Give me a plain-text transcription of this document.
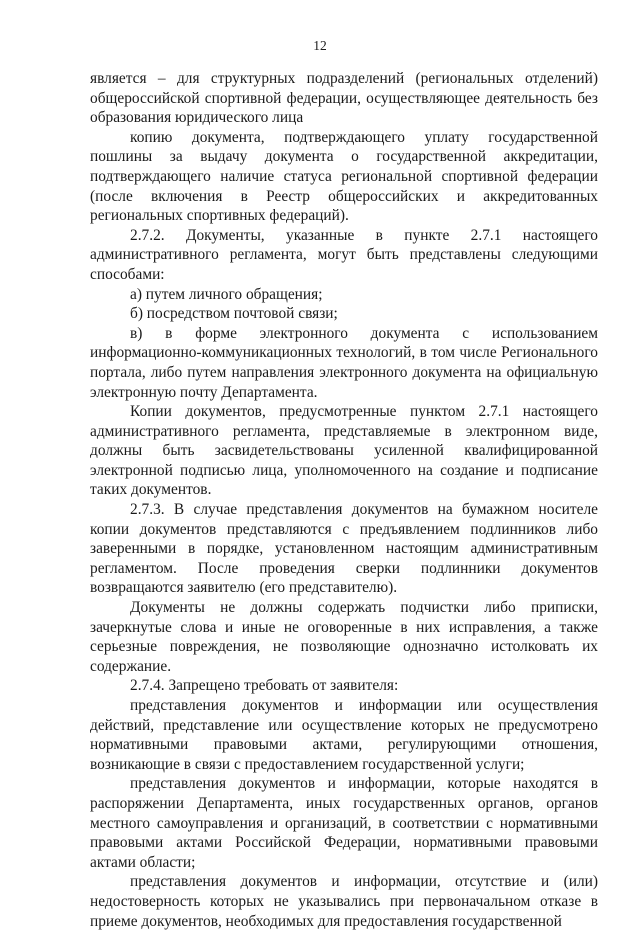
12

является – для структурных подразделений (региональных отделений) общероссийской спортивной федерации, осуществляющее деятельность без образования юридического лица

копию документа, подтверждающего уплату государственной пошлины за выдачу документа о государственной аккредитации, подтверждающего наличие статуса региональной спортивной федерации (после включения в Реестр общероссийских и аккредитованных региональных спортивных федераций).

2.7.2. Документы, указанные в пункте 2.7.1 настоящего административного регламента, могут быть представлены следующими способами:

а) путем личного обращения;

б) посредством почтовой связи;

в) в форме электронного документа с использованием информационно-коммуникационных технологий, в том числе Регионального портала, либо путем направления электронного документа на официальную электронную почту Департамента.

Копии документов, предусмотренные пунктом 2.7.1 настоящего административного регламента, представляемые в электронном виде, должны быть засвидетельствованы усиленной квалифицированной электронной подписью лица, уполномоченного на создание и подписание таких документов.

2.7.3. В случае представления документов на бумажном носителе копии документов представляются с предъявлением подлинников либо заверенными в порядке, установленном настоящим административным регламентом. После проведения сверки подлинники документов возвращаются заявителю (его представителю).

Документы не должны содержать подчистки либо приписки, зачеркнутые слова и иные не оговоренные в них исправления, а также серьезные повреждения, не позволяющие однозначно истолковать их содержание.

2.7.4. Запрещено требовать от заявителя:

представления документов и информации или осуществления действий, представление или осуществление которых не предусмотрено нормативными правовыми актами, регулирующими отношения, возникающие в связи с предоставлением государственной услуги;

представления документов и информации, которые находятся в распоряжении Департамента, иных государственных органов, органов местного самоуправления и организаций, в соответствии с нормативными правовыми актами Российской Федерации, нормативными правовыми актами области;

представления документов и информации, отсутствие и (или) недостоверность которых не указывались при первоначальном отказе в приеме документов, необходимых для предоставления государственной
